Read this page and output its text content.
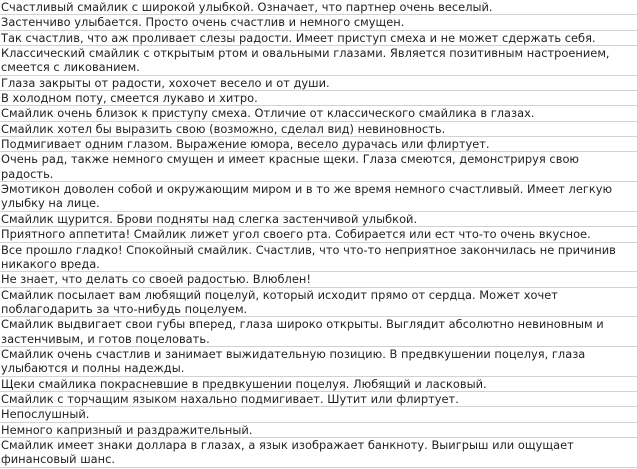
Счастливый смайлик с широкой улыбкой. Означает, что партнер очень веселый.
Застенчиво улыбается. Просто очень счастлив и немного смущен.
Так счастлив, что аж проливает слезы радости. Имеет приступ смеха и не может сдержать себя.
Классический смайлик с открытым ртом и овальными глазами. Является позитивным настроением,
смеется с ликованием.
Глаза закрыты от радости, хохочет весело и от души.
В холодном поту, смеется лукаво и хитро.
Смайлик очень близок к приступу смеха. Отличие от классического смайлика в глазах.
Смайлик хотел бы выразить свою (возможно, сделал вид) невиновность.
Подмигивает одним глазом. Выражение юмора, весело дурачась или флиртует.
Очень рад, также немного смущен и имеет красные щеки. Глаза смеются, демонстрируя свою
радость.
Эмотикон доволен собой и окружающим миром и в то же время немного счастливый. Имеет легкую
улыбку на лице.
Смайлик щурится. Брови подняты над слегка застенчивой улыбкой.
Приятного аппетита! Смайлик лижет угол своего рта. Собирается или ест что-то очень вкусное.
Все прошло гладко! Спокойный смайлик. Счастлив, что что-то неприятное закончилась не причинив
никакого вреда.
Не знает, что делать со своей радостью. Влюблен!
Смайлик посылает вам любящий поцелуй, который исходит прямо от сердца. Может хочет
поблагодарить за что-нибудь поцелуем.
Смайлик выдвигает свои губы вперед, глаза широко открыты. Выглядит абсолютно невиновным и
застенчивым, и готов поцеловать.
Смайлик очень счастлив и занимает выжидательную позицию. В предвкушении поцелуя, глаза
улыбаются и полны надежды.
Щеки смайлика покрасневшие в предвкушении поцелуя. Любящий и ласковый.
Смайлик с торчащим языком нахально подмигивает. Шутит или флиртует.
Непослушный.
Немного капризный и раздражительный.
Смайлик имеет знаки доллара в глазах, а язык изображает банкноту. Выигрыш или ощущает
финансовый шанс.
